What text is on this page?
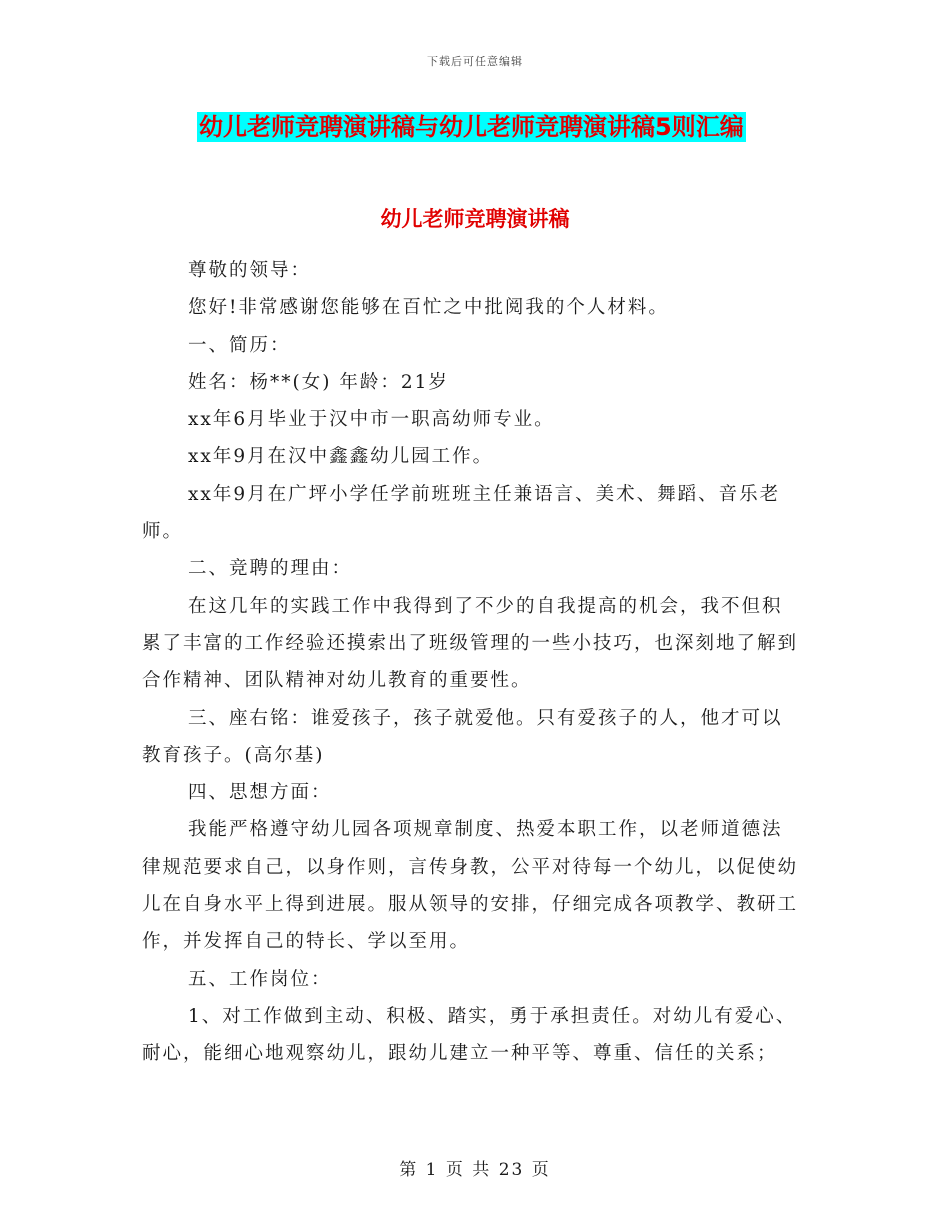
下载后可任意编辑
幼儿老师竞聘演讲稿与幼儿老师竞聘演讲稿5则汇编
幼儿老师竞聘演讲稿

尊敬的领导：

您好!非常感谢您能够在百忙之中批阅我的个人材料。

一、简历：

姓名：杨**(女) 年龄：21岁

xx年6月毕业于汉中市一职高幼师专业。

xx年9月在汉中鑫鑫幼儿园工作。

xx年9月在广坪小学任学前班班主任兼语言、美术、舞蹈、音乐老师。

二、竞聘的理由：

在这几年的实践工作中我得到了不少的自我提高的机会，我不但积累了丰富的工作经验还摸索出了班级管理的一些小技巧，也深刻地了解到合作精神、团队精神对幼儿教育的重要性。

三、座右铭：谁爱孩子，孩子就爱他。只有爱孩子的人，他才可以教育孩子。(高尔基)

四、思想方面：

我能严格遵守幼儿园各项规章制度、热爱本职工作，以老师道德法律规范要求自己，以身作则，言传身教，公平对待每一个幼儿，以促使幼儿在自身水平上得到进展。服从领导的安排，仔细完成各项教学、教研工作，并发挥自己的特长、学以至用。

五、工作岗位：

1、对工作做到主动、积极、踏实，勇于承担责任。对幼儿有爱心、耐心，能细心地观察幼儿，跟幼儿建立一种平等、尊重、信任的关系；

第 1 页 共 23 页
